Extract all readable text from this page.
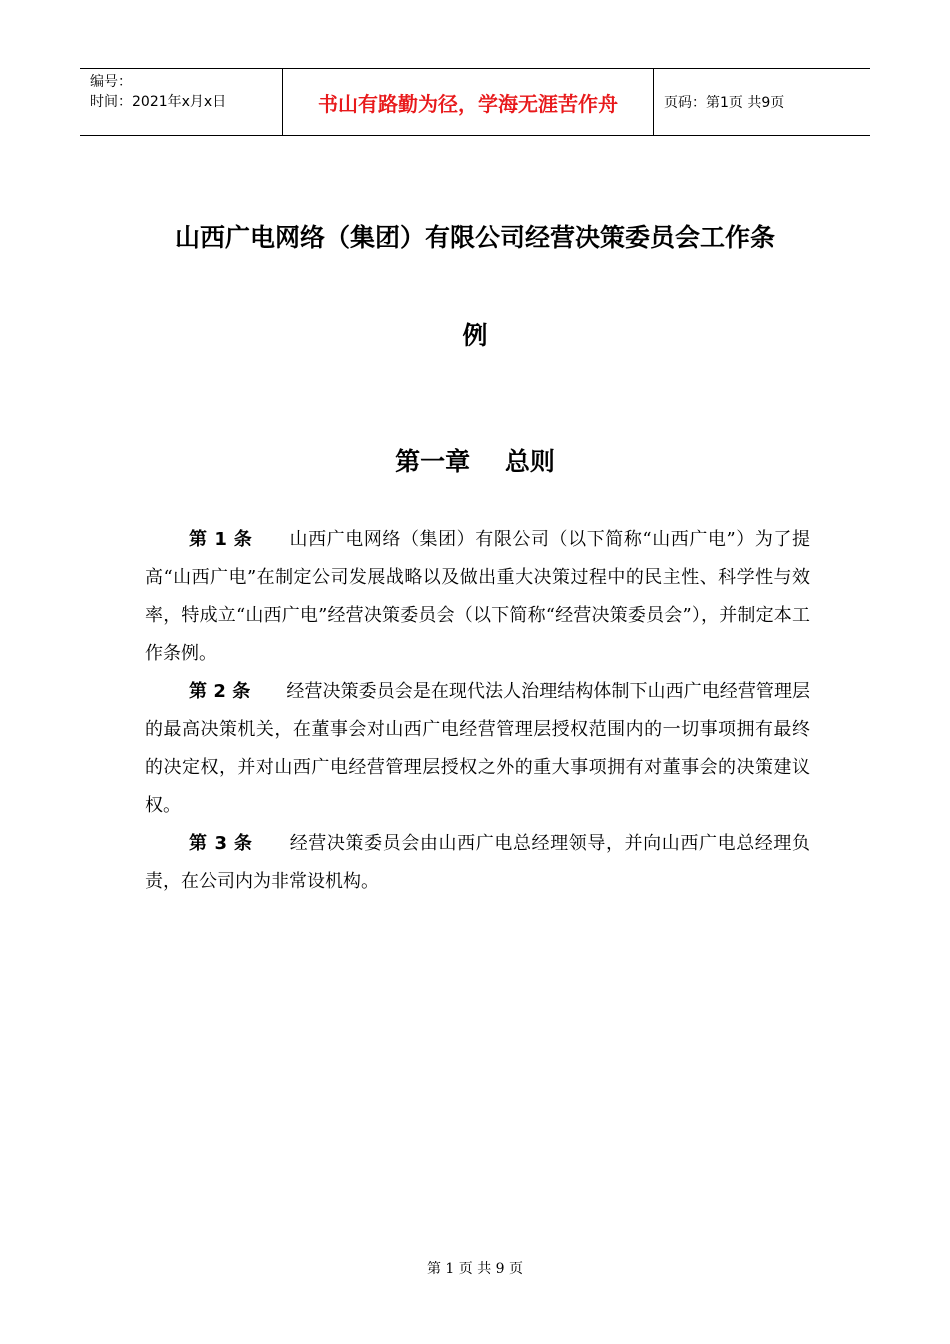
编号：
时间：2021年x月x日	书山有路勤为径，学海无涯苦作舟	页码：第1页 共9页
山西广电网络（集团）有限公司经营决策委员会工作条
例
第一章    总则

第 1 条　　 山西广电网络（集团）有限公司（以下简称“山西广电”）为了提高“山西广电”在制定公司发展战略以及做出重大决策过程中的民主性、科学性与效率，特成立“山西广电”经营决策委员会（以下简称“经营决策委员会”），并制定本工作条例。

第 2 条　　 经营决策委员会是在现代法人治理结构体制下山西广电经营管理层的最高决策机关，在董事会对山西广电经营管理层授权范围内的一切事项拥有最终的决定权，并对山西广电经营管理层授权之外的重大事项拥有对董事会的决策建议权。

第 3 条　　 经营决策委员会由山西广电总经理领导，并向山西广电总经理负责，在公司内为非常设机构。

第 1 页 共 9 页
